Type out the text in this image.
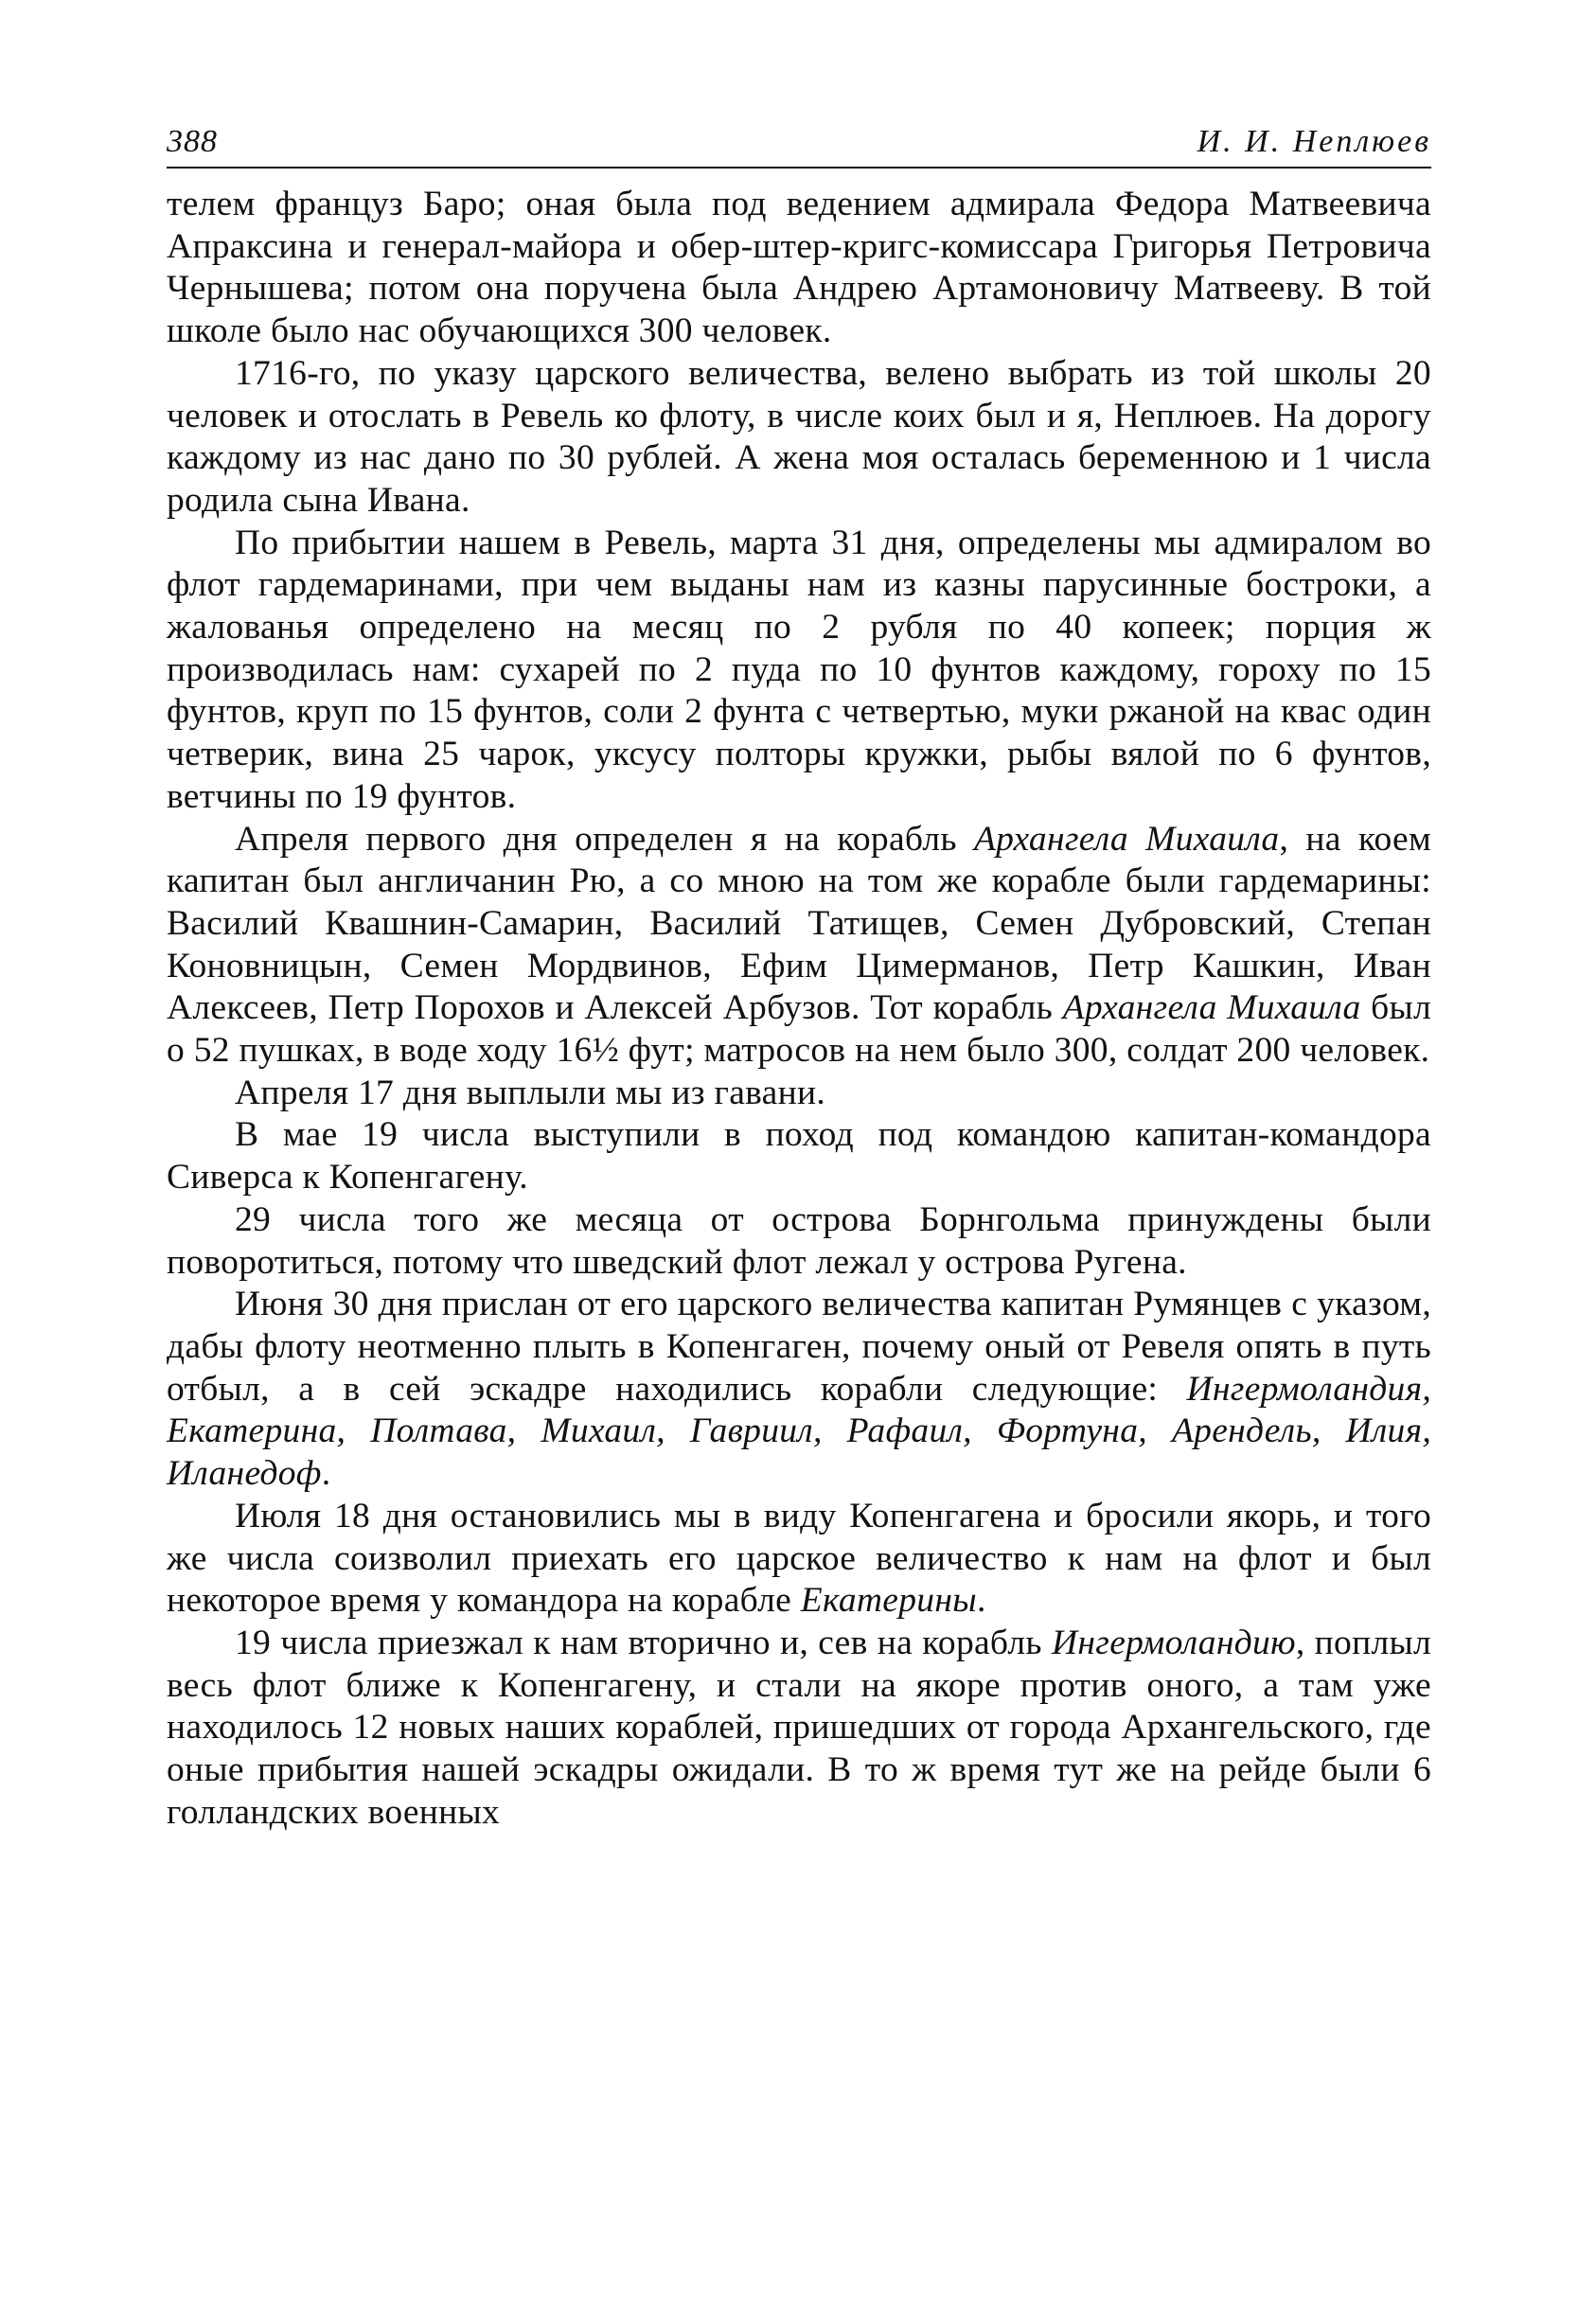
388	И. И. Неплюев

телем француз Баро; оная была под ведением адмирала Федора Матвеевича Апраксина и генерал-майора и обер-штер-кригс-комиссара Григорья Петровича Чернышева; потом она поручена была Андрею Артамоновичу Матвееву. В той школе было нас обучающихся 300 человек.

1716-го, по указу царского величества, велено выбрать из той школы 20 человек и отослать в Ревель ко флоту, в числе коих был и я, Неплюев. На дорогу каждому из нас дано по 30 рублей. А жена моя осталась беременною и 1 числа родила сына Ивана.

По прибытии нашем в Ревель, марта 31 дня, определены мы адмиралом во флот гардемаринами, при чем выданы нам из казны парусинные бостроки, а жалованья определено на месяц по 2 рубля по 40 копеек; порция ж производилась нам: сухарей по 2 пуда по 10 фунтов каждому, гороху по 15 фунтов, круп по 15 фунтов, соли 2 фунта с четвертью, муки ржаной на квас один четверик, вина 25 чарок, уксусу полторы кружки, рыбы вялой по 6 фунтов, ветчины по 19 фунтов.

Апреля первого дня определен я на корабль Архангела Михаила, на коем капитан был англичанин Рю, а со мною на том же корабле были гардемарины: Василий Квашнин-Самарин, Василий Татищев, Семен Дубровский, Степан Коновницын, Семен Мордвинов, Ефим Цимерманов, Петр Кашкин, Иван Алексеев, Петр Порохов и Алексей Арбузов. Тот корабль Архангела Михаила был о 52 пушках, в воде ходу 16½ фут; матросов на нем было 300, солдат 200 человек.

Апреля 17 дня выплыли мы из гавани.

В мае 19 числа выступили в поход под командою капитан-командора Сиверса к Копенгагену.

29 числа того же месяца от острова Борнгольма принуждены были поворотиться, потому что шведский флот лежал у острова Ругена.

Июня 30 дня прислан от его царского величества капитан Румянцев с указом, дабы флоту неотменно плыть в Копенгаген, почему оный от Ревеля опять в путь отбыл, а в сей эскадре находились корабли следующие: Ингермоландия, Екатерина, Полтава, Михаил, Гавриил, Рафаил, Фортуна, Арендель, Илия, Иланедоф.

Июля 18 дня остановились мы в виду Копенгагена и бросили якорь, и того же числа соизволил приехать его царское величество к нам на флот и был некоторое время у командора на корабле Екатерины.

19 числа приезжал к нам вторично и, сев на корабль Ингермоландию, поплыл весь флот ближе к Копенгагену, и стали на якоре против оного, а там уже находилось 12 новых наших кораблей, пришедших от города Архангельского, где оные прибытия нашей эскадры ожидали. В то ж время тут же на рейде были 6 голландских военных
